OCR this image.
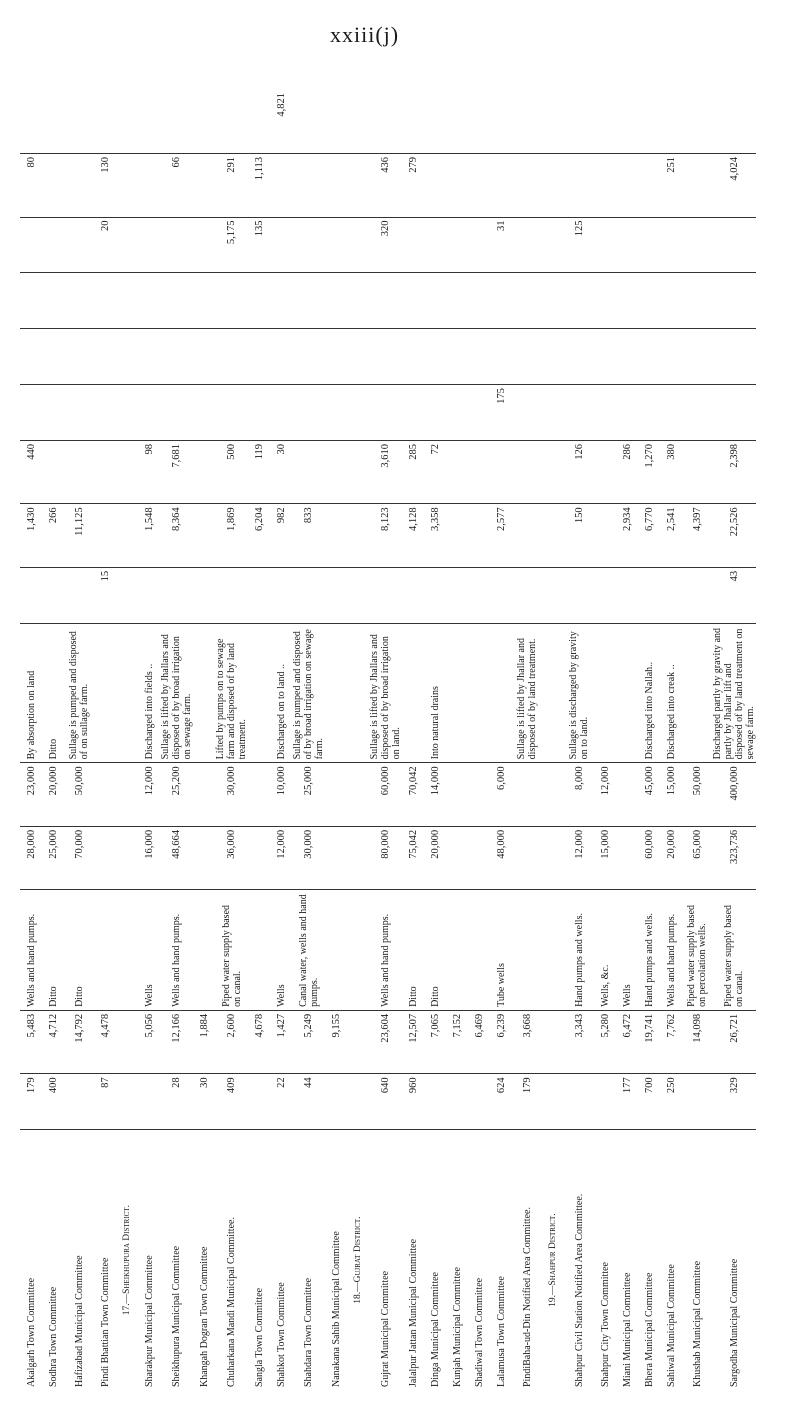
xxiii(j)
Akalgarh Town Committee	179	5,483	Wells and hand pumps.	28,000	23,000	By absorption on land		1,430	440					80	
Sodhra Town Committee	400	4,712	Ditto	25,000	20,000	Ditto		266							
Hafizabad Municipal Committee		14,792	Ditto	70,000	50,000	Sullage is pumped and disposed of on sullage farm.		11,125							
Pindi Bhattian Town Committee	87	4,478					15						20	130	
17.—Sheikhupura District.															
Sharakpur Municipal Committee		5,056	Wells	16,000	12,000	Discharged into fields ..		1,548	98						
Sheikhupura Municipal Committee	28	12,166	Wells and hand pumps.	48,664	25,200	Sullage is lifted by Jhallars and disposed of by broad irrigation on sewage farm.		8,364	7,681					66	
Khangah Dogran Town Committee	30	1,884													
Chuharkana Mandi Municipal Committee.	409	2,600	Piped water supply based on canal.	36,000	30,000	Lifted by pumps on to sewage farm and disposed of by land treatment.		1,869	500				5,175	291	
Sangla Town Committee		4,678						6,204	119				135	1,113	
Shahkot Town Committee	22	1,427	Wells	12,000	10,000	Discharged on to land ..		982	30						4,821
Shahdara Town Committee	44	5,249	Canal water, wells and hand pumps.	30,000	25,000	Sullage is pumped and disposed of by broad irrigation on sewage farm.		833							
Nanakana Sahib Municipal Committee		9,155													
18.—Gujrat District.															
Gujrat Municipal Committee	640	23,604	Wells and hand pumps.	80,000	60,000	Sullage is lifted by Jhallars and disposed of by broad irrigation on land.		8,123	3,610				320	436	
Jalalpur Jattan Municipal Committee	960	12,507	Ditto	75,042	70,042			4,128	285					279	
Dinga Municipal Committee		7,065	Ditto	20,000	14,000	Into natural drains		3,358	72						
Kunjah Municipal Committee		7,152													
Shadiwal Town Committee		6,469													
Lalamusa Town Committee	624	6,239	Tube wells	48,000	6,000			2,577		175			31		
PindiBaha-ud-Din Notified Area Committee.	179	3,668				Sullage is lifted by Jhallar and disposed of by land treatment.									
19.—Shahpur District.															
Shahpur Civil Station Notified Area Committee.		3,343	Hand pumps and wells.	12,000	8,000	Sullage is discharged by gravity on to land.		150	126				125		
Shahpur City Town Committee		5,280	Wells, &c.	15,000	12,000										
Miani Municipal Committee	177	6,472	Wells					2,934	286						
Bhera Municipal Committee	700	19,741	Hand pumps and wells.	60,000	45,000	Discharged into Nallah..		6,770	1,270						
Sahiwal Municipal Committee	250	7,762	Wells and hand pumps.	20,000	15,000	Discharged into creak ..		2,541	380					251	
Khushab Municipal Committee		14,098	Piped water supply based on percolation wells.	65,000	50,000			4,397							
Sargodha Municipal Committee	329	26,721	Piped water supply based on canal.	323,736	400,000	Discharged partly by gravity and partly by Jhallar lift and disposed of by land treatment on sewage farm.	43	22,526	2,398					4,024	
